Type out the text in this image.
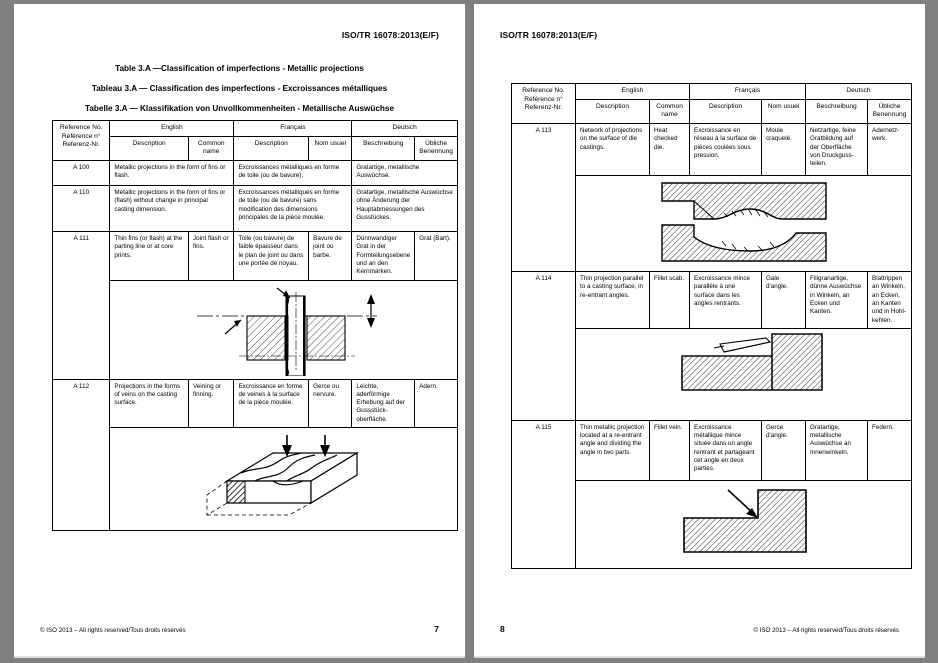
ISO/TR 16078:2013(E/F)
Table 3.A —Classification of imperfections - Metallic projections
Tableau 3.A — Classification des imperfections - Excroissances métalliques
Tabelle 3.A — Klassifikation von Unvollkommenheiten - Metallische Auswüchse
Reference No.
Référence n°
Referenz-Nr.	English		Français		Deutsch	
	Description	Common name	Description	Nom usuel	Beschreibung	Übliche Benennung
A 100	Metallic projections in the form of fins or flash.		Excroissances métalliques en forme de toile (ou de bavure).		Gratartige, metallische Auswüchse.	
A 110	Metallic projections in the form of fins or (flash) without change in principal casting dimension.		Excroissances métalliques en forme de toile (ou de bavure) sans modification des dimensions principales de la pièce moulée.		Gratartige, metallische Auswüchse ohne Änderung der Hauptabmessungen des Gusstückes.	
A 111	Thin fins (or flash) at the parting line or at core prints.	Joint flash or fins.	Toile (ou bavure) de faible épaisseur dans le plan de joint ou dans une portée de noyau.	Bavure de joint ou barbe.	Dünnwandiger Grat in der Formteilungsebene und an den Kernmarken.	Grat (Bart).

A 112	Projections in the forms of veins on the casting surface.	Veining or finning.	Excroissance en forme de veines à la surface de la pièce moulée.	Gerce ou nervure.	Leichte, aderförmige Erhebung auf der Gussstück-oberfläche.	Adern.

© ISO 2013 – All rights reserved/Tous droits réservés	7
ISO/TR 16078:2013(E/F)
Reference No.
Référence n°
Referenz-Nr.	English		Français		Deutsch	
	Description	Common name	Description	Nom usuel	Beschreibung	Übliche Benennung
A 113	Network of projections on the surface of die castings.	Heat checked die.	Excroissance en réseau à la surface de pièces coulées sous pression.	Moule craquelé.	Netzartige, feine Gratbildung auf der Oberfläche von Druckguss-teilen.	Adernetz-werk.

A 114	Thin projection parallel to a casting surface, in re-entrant angles.	Fillet scab.	Excroissance mince parallèle à une surface dans les angles rentrants.	Gale d'angle.	Filigranartige, dünne Auswüchse in Winkeln, an Ecken und Kanten.	Blattrippen an Winkeln, an Ecken, an Kanten und in Hohl-kehlen.

A 115	Thin metallic projection located at a re-entrant angle and dividing the angle in two parts.	Fillet vein.	Excroissance métallique mince située dans un angle rentrant et partageant cet angle en deux parties.	Gerce d'angle.	Gratartige, metallische Auswüchse an Innenwinkeln.	Federn.

© ISO 2013 – All rights reserved/Tous droits réservés
8
